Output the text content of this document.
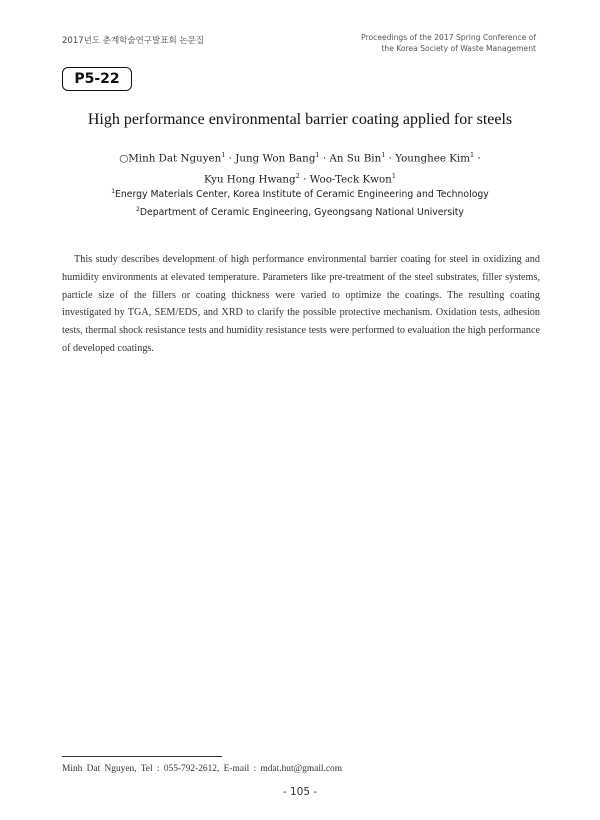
2017년도 춘계학술연구발표회 논문집	Proceedings of the 2017 Spring Conference of
the Korea Society of Waste Management
P5-22
High performance environmental barrier coating applied for steels
○Minh Dat Nguyen$^1$ · Jung Won Bang$^1$ · An Su Bin$^1$ · Younghee Kim$^1$ ·
Kyu Hong Hwang$^2$ · Woo-Teck Kwon$^1$
$^1$Energy Materials Center, Korea Institute of Ceramic Engineering and Technology
$^2$Department of Ceramic Engineering, Gyeongsang National University

This study describes development of high performance environmental barrier coating for steel in oxidizing and humidity environments at elevated temperature. Parameters like pre-treatment of the steel substrates, filler systems, particle size of the fillers or coating thickness were varied to optimize the coatings. The resulting coating investigated by TGA, SEM/EDS, and XRD to clarify the possible protective mechanism. Oxidation tests, adhesion tests, thermal shock resistance tests and humidity resistance tests were performed to evaluation the high performance of developed coatings.

Minh Dat Nguyen, Tel : 055-792-2612, E-mail : mdat.hut@gmail.com
- 105 -
